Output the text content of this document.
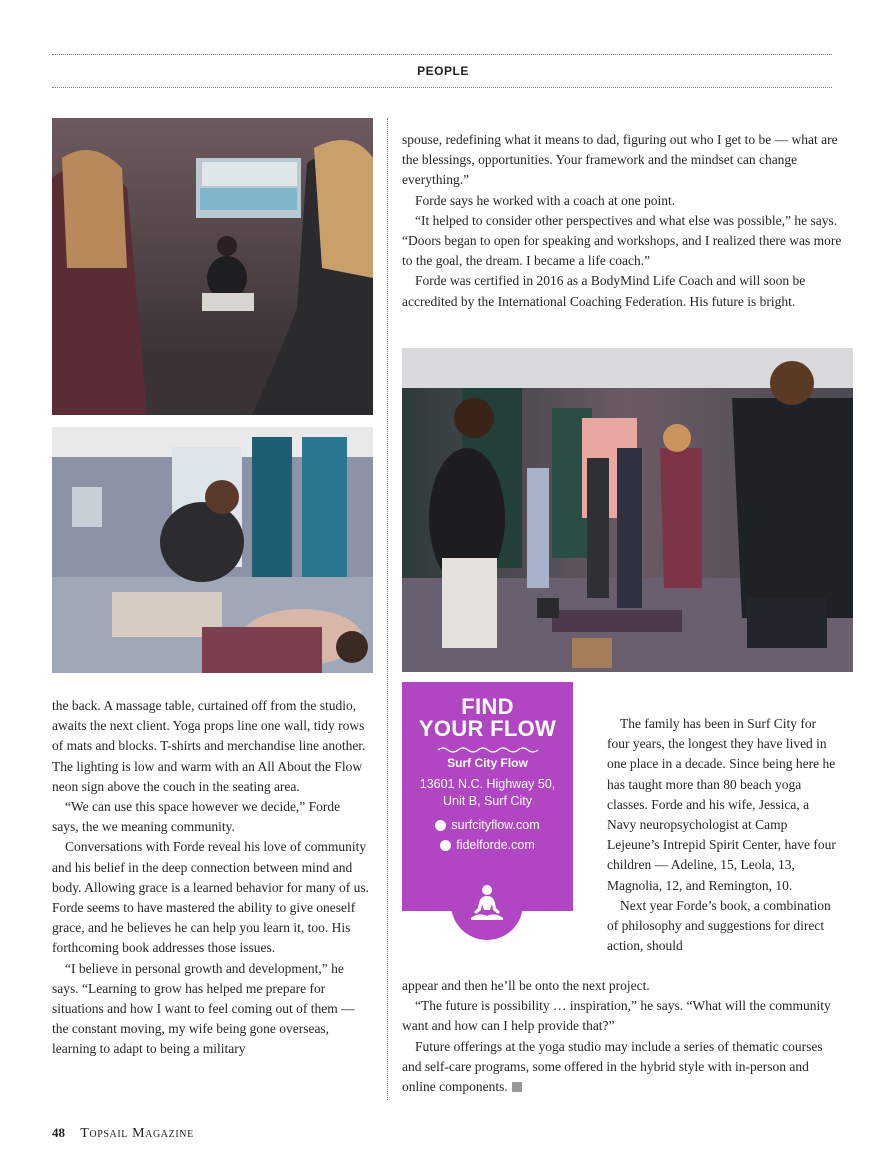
PEOPLE

spouse, redefining what it means to dad, figuring out who I get to be — what are the blessings, opportunities. Your framework and the mindset can change everything.”

Forde says he worked with a coach at one point.

“It helped to consider other perspectives and what else was possible,” he says. “Doors began to open for speaking and workshops, and I realized there was more to the goal, the dream. I became a life coach.”

Forde was certified in 2016 as a BodyMind Life Coach and will soon be accredited by the International Coaching Federation. His future is bright.

the back. A massage table, curtained off from the studio, awaits the next client. Yoga props line one wall, tidy rows of mats and blocks. T-shirts and merchandise line another. The lighting is low and warm with an All About the Flow neon sign above the couch in the seating area.

“We can use this space however we decide,” Forde says, the we meaning community.

Conversations with Forde reveal his love of community and his belief in the deep connection between mind and body. Allowing grace is a learned behavior for many of us. Forde seems to have mastered the ability to give oneself grace, and he believes he can help you learn it, too. His forthcoming book addresses those issues.

“I believe in personal growth and development,” he says. “Learning to grow has helped me prepare for situations and how I want to feel coming out of them — the constant moving, my wife being gone overseas, learning to adapt to being a military

FIND
YOUR FLOW
Surf City Flow
13601 N.C. Highway 50,
Unit B, Surf City
surfcityflow.com
fidelforde.com

The family has been in Surf City for four years, the longest they have lived in one place in a decade. Since being here he has taught more than 80 beach yoga classes. Forde and his wife, Jessica, a Navy neuropsychologist at Camp Lejeune’s Intrepid Spirit Center, have four children — Adeline, 15, Leola, 13, Magnolia, 12, and Remington, 10.

Next year Forde’s book, a combination of philosophy and suggestions for direct action, should

appear and then he’ll be onto the next project.

“The future is possibility … inspiration,” he says. “What will the community want and how can I help provide that?”

Future offerings at the yoga studio may include a series of thematic courses and self-care programs, some offered in the hybrid style with in-person and online components.

48 Topsail Magazine
